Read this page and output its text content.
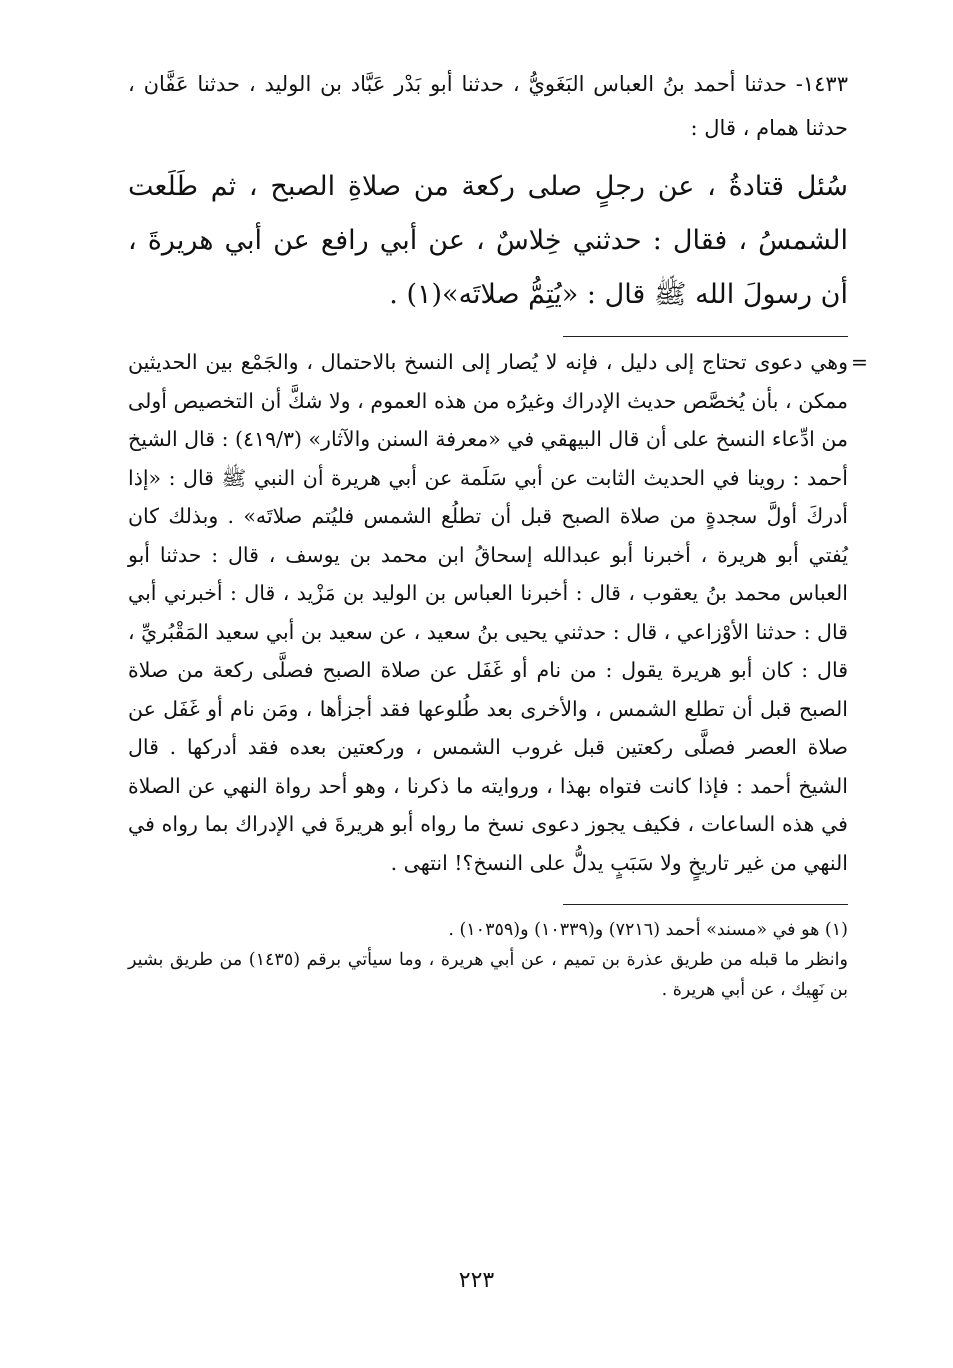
١٤٣٣- حدثنا أحمد بنُ العباس البَغَويُّ ، حدثنا أبو بَدْر عَبَّاد بن الوليد ، حدثنا عَفَّان ، حدثنا همام ، قال :

سُئل قتادةُ ، عن رجلٍ صلى ركعة من صلاةِ الصبح ، ثم طَلَعت الشمسُ ، فقال : حدثني خِلاسٌ ، عن أبي رافع عن أبي هريرةَ ، أن رسولَ الله ﷺ قال : «يُتِمُّ صلاتَه»(١) .

=
وهي دعوى تحتاج إلى دليل ، فإنه لا يُصار إلى النسخ بالاحتمال ، والجَمْع بين الحديثين ممكن ، بأن يُخصَّص حديث الإدراك وغيرُه من هذه العموم ، ولا شكَّ أن التخصيص أولى من ادِّعاء النسخ على أن قال البيهقي في «معرفة السنن والآثار» (٤١٩/٣) : قال الشيخ أحمد : روينا في الحديث الثابت عن أبي سَلَمة عن أبي هريرة أن النبي ﷺ قال : «إذا أدركَ أولَّ سجدةٍ من صلاة الصبح قبل أن تطلُع الشمس فليُتم صلاتَه» . وبذلك كان يُفتي أبو هريرة ، أخبرنا أبو عبدالله إسحاقُ ابن محمد بن يوسف ، قال : حدثنا أبو العباس محمد بنُ يعقوب ، قال : أخبرنا العباس بن الوليد بن مَزْيد ، قال : أخبرني أبي قال : حدثنا الأوْزاعي ، قال : حدثني يحيى بنُ سعيد ، عن سعيد بن أبي سعيد المَقْبُريِّ ، قال : كان أبو هريرة يقول : من نام أو غَفَل عن صلاة الصبح فصلَّى ركعة من صلاة الصبح قبل أن تطلع الشمس ، والأخرى بعد طُلوعها فقد أجزأها ، ومَن نام أو غَفَل عن صلاة العصر فصلَّى ركعتين قبل غروب الشمس ، وركعتين بعده فقد أدركها . قال الشيخ أحمد : فإذا كانت فتواه بهذا ، وروايته ما ذكرنا ، وهو أحد رواة النهي عن الصلاة في هذه الساعات ، فكيف يجوز دعوى نسخ ما رواه أبو هريرةَ في الإدراك بما رواه في النهي من غير تاريخٍ ولا سَبَبٍ يدلُّ على النسخ؟! انتهى .

(١) هو في «مسند» أحمد (٧٢١٦) و(١٠٣٣٩) و(١٠٣٥٩) .

وانظر ما قبله من طريق عذرة بن تميم ، عن أبي هريرة ، وما سيأتي برقم (١٤٣٥) من طريق بشير بن نَهِيك ، عن أبي هريرة .

٢٢٣
